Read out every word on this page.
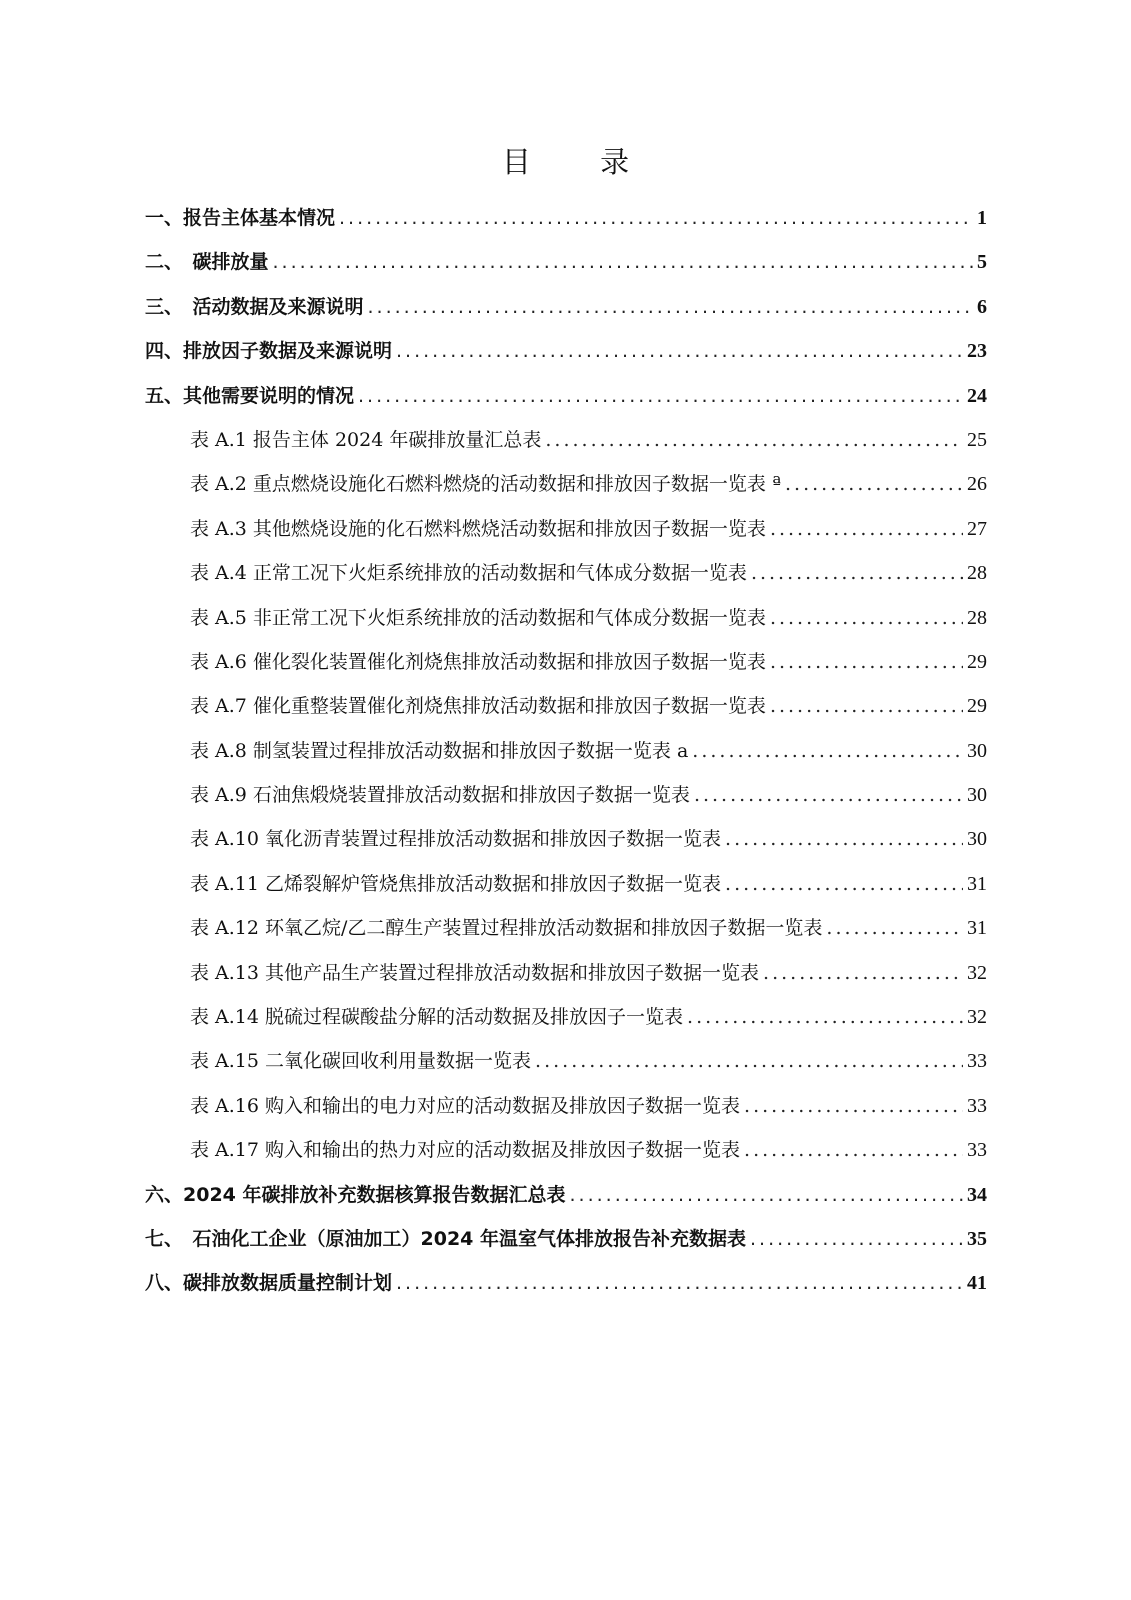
目 录
一、报告主体基本情况 .....	1
二、　碳排放量 .....	5
三、　活动数据及来源说明 .....	6
四、排放因子数据及来源说明 .....	23
五、其他需要说明的情况 .....	24
表 A.1 报告主体 2024 年碳排放量汇总表 .....	25
表 A.2 重点燃烧设施化石燃料燃烧的活动数据和排放因子数据一览表 ª .....	26
表 A.3 其他燃烧设施的化石燃料燃烧活动数据和排放因子数据一览表 .....	27
表 A.4 正常工况下火炬系统排放的活动数据和气体成分数据一览表 .....	28
表 A.5 非正常工况下火炬系统排放的活动数据和气体成分数据一览表 .....	28
表 A.6 催化裂化装置催化剂烧焦排放活动数据和排放因子数据一览表 .....	29
表 A.7 催化重整装置催化剂烧焦排放活动数据和排放因子数据一览表 .....	29
表 A.8 制氢装置过程排放活动数据和排放因子数据一览表 a .....	30
表 A.9 石油焦煅烧装置排放活动数据和排放因子数据一览表 .....	30
表 A.10 氧化沥青装置过程排放活动数据和排放因子数据一览表 .....	30
表 A.11 乙烯裂解炉管烧焦排放活动数据和排放因子数据一览表 .....	31
表 A.12 环氧乙烷/乙二醇生产装置过程排放活动数据和排放因子数据一览表 .....	31
表 A.13 其他产品生产装置过程排放活动数据和排放因子数据一览表 .....	32
表 A.14 脱硫过程碳酸盐分解的活动数据及排放因子一览表 .....	32
表 A.15 二氧化碳回收利用量数据一览表 .....	33
表 A.16 购入和输出的电力对应的活动数据及排放因子数据一览表 .....	33
表 A.17 购入和输出的热力对应的活动数据及排放因子数据一览表 .....	33
六、2024 年碳排放补充数据核算报告数据汇总表 .....	34
七、　石油化工企业（原油加工）2024 年温室气体排放报告补充数据表 .....	35
八、碳排放数据质量控制计划 .....	41
